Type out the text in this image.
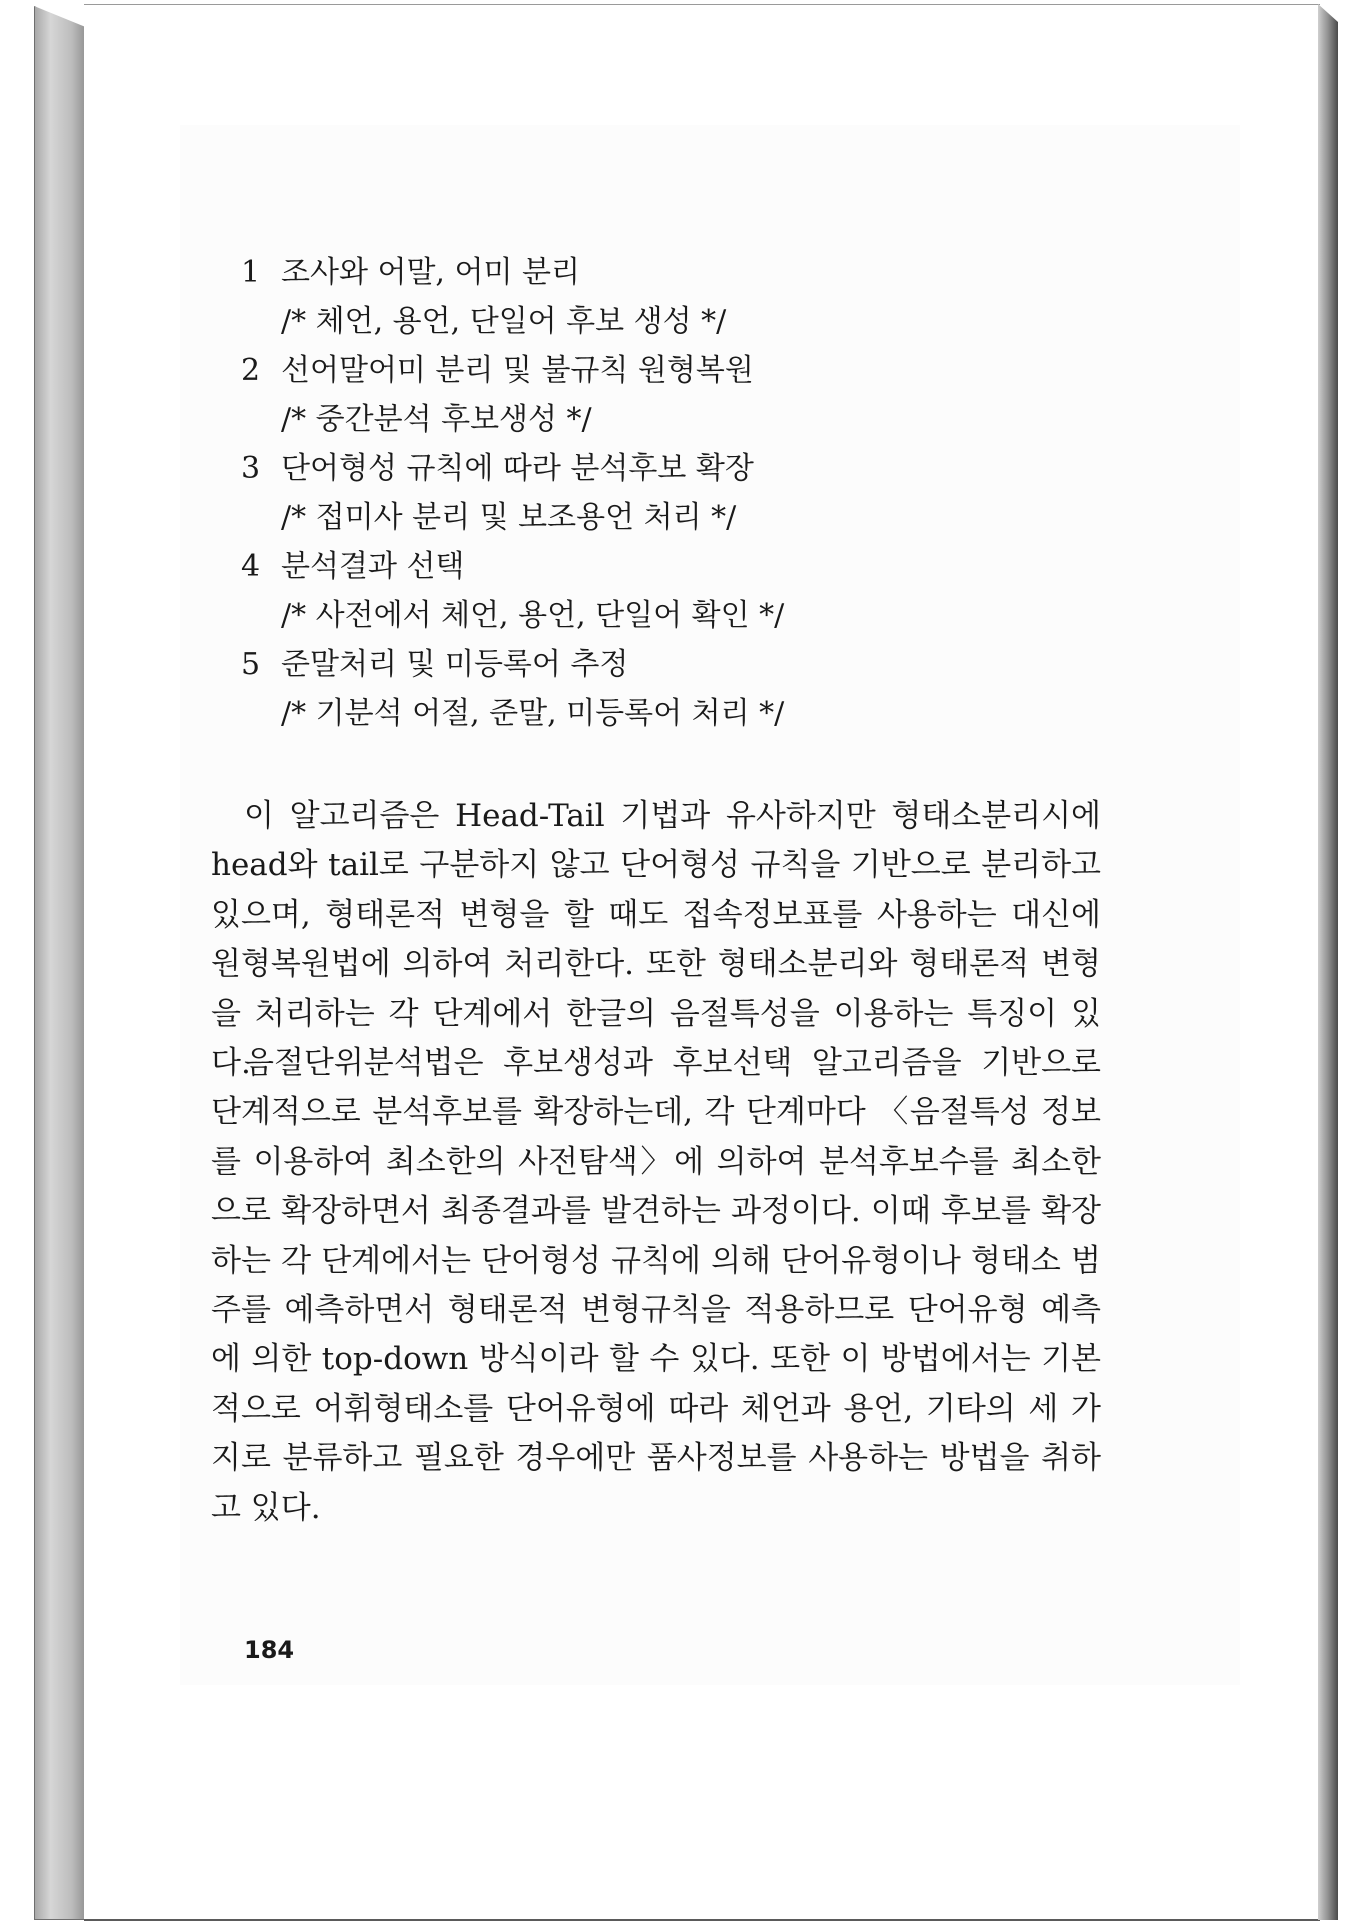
1 조사와 어말, 어미 분리
/* 체언, 용언, 단일어 후보 생성 */
2 선어말어미 분리 및 불규칙 원형복원
/* 중간분석 후보생성 */
3 단어형성 규칙에 따라 분석후보 확장
/* 접미사 분리 및 보조용언 처리 */
4 분석결과 선택
/* 사전에서 체언, 용언, 단일어 확인 */
5 준말처리 및 미등록어 추정
/* 기분석 어절, 준말, 미등록어 처리 */

이 알고리즘은 Head-Tail 기법과 유사하지만 형태소분리시에 head와 tail로 구분하지 않고 단어형성 규칙을 기반으로 분리하고 있으며, 형태론적 변형을 할 때도 접속정보표를 사용하는 대신에 원형복원법에 의하여 처리한다. 또한 형태소분리와 형태론적 변형을 처리하는 각 단계에서 한글의 음절특성을 이용하는 특징이 있다.

음절단위분석법은 후보생성과 후보선택 알고리즘을 기반으로 단계적으로 분석후보를 확장하는데, 각 단계마다 〈음절특성 정보를 이용하여 최소한의 사전탐색〉에 의하여 분석후보수를 최소한으로 확장하면서 최종결과를 발견하는 과정이다. 이때 후보를 확장하는 각 단계에서는 단어형성 규칙에 의해 단어유형이나 형태소 범주를 예측하면서 형태론적 변형규칙을 적용하므로 단어유형 예측에 의한 top-down 방식이라 할 수 있다. 또한 이 방법에서는 기본적으로 어휘형태소를 단어유형에 따라 체언과 용언, 기타의 세 가지로 분류하고 필요한 경우에만 품사정보를 사용하는 방법을 취하고 있다.

184
